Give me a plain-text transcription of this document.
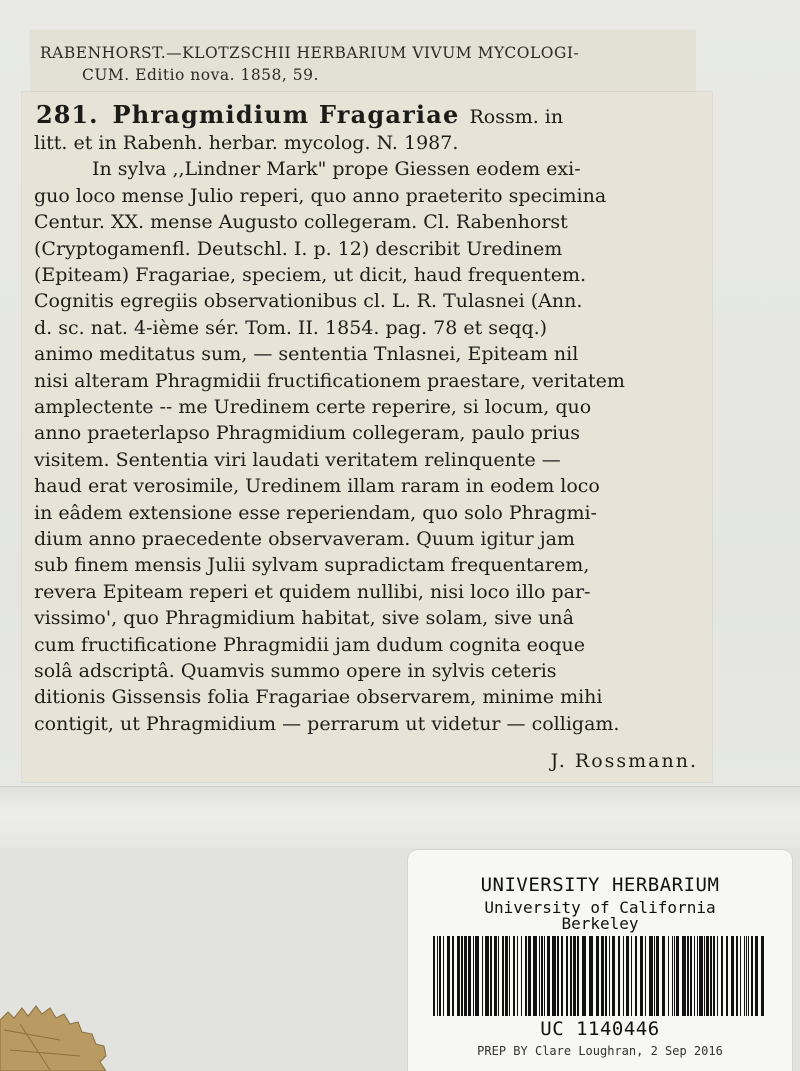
RABENHORST.—KLOTZSCHII HERBARIUM VIVUM MYCOLOGI-
CUM. Editio nova. 1858, 59.
281. Phragmidium Fragariae Rossm. in
litt. et in Rabenh. herbar. mycolog. N. 1987.
In sylva ,,Lindner Mark" prope Giessen eodem exi-
guo loco mense Julio reperi, quo anno praeterito specimina
Centur. XX. mense Augusto collegeram. Cl. Rabenhorst
(Cryptogamenfl. Deutschl. I. p. 12) describit Uredinem
(Epiteam) Fragariae, speciem, ut dicit, haud frequentem.
Cognitis egregiis observationibus cl. L. R. Tulasnei (Ann.
d. sc. nat. 4-ième sér. Tom. II. 1854. pag. 78 et seqq.)
animo meditatus sum, — sententia Tnlasnei, Epiteam nil
nisi alteram Phragmidii fructificationem praestare, veritatem
amplectente -- me Uredinem certe reperire, si locum, quo
anno praeterlapso Phragmidium collegeram, paulo prius
visitem. Sententia viri laudati veritatem relinquente —
haud erat verosimile, Uredinem illam raram in eodem loco
in eâdem extensione esse reperiendam, quo solo Phragmi-
dium anno praecedente observaveram. Quum igitur jam
sub finem mensis Julii sylvam supradictam frequentarem,
revera Epiteam reperi et quidem nullibi, nisi loco illo par-
vissimo', quo Phragmidium habitat, sive solam, sive unâ
cum fructificatione Phragmidii jam dudum cognita eoque
solâ adscriptâ. Quamvis summo opere in sylvis ceteris
ditionis Gissensis folia Fragariae observarem, minime mihi
contigit, ut Phragmidium — perrarum ut videtur — colligam.
J. Rossmann.
UNIVERSITY HERBARIUM
University of California
Berkeley
UC 1140446
PREP BY Clare Loughran, 2 Sep 2016
